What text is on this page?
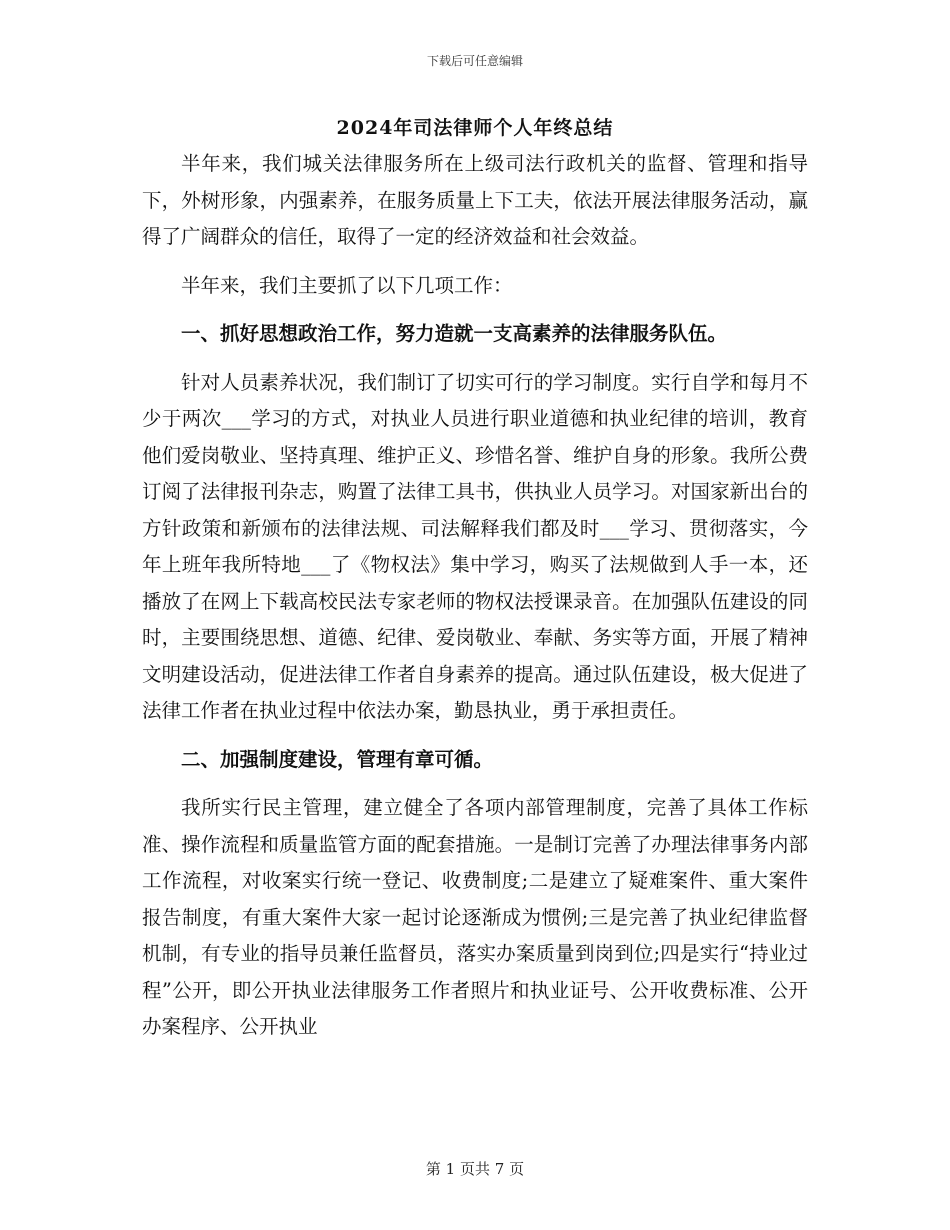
下载后可任意编辑
2024年司法律师个人年终总结

半年来，我们城关法律服务所在上级司法行政机关的监督、管理和指导下，外树形象，内强素养，在服务质量上下工夫，依法开展法律服务活动，赢得了广阔群众的信任，取得了一定的经济效益和社会效益。

半年来，我们主要抓了以下几项工作：

一、抓好思想政治工作，努力造就一支高素养的法律服务队伍。

针对人员素养状况，我们制订了切实可行的学习制度。实行自学和每月不少于两次___学习的方式，对执业人员进行职业道德和执业纪律的培训，教育他们爱岗敬业、坚持真理、维护正义、珍惜名誉、维护自身的形象。我所公费订阅了法律报刊杂志，购置了法律工具书，供执业人员学习。对国家新出台的方针政策和新颁布的法律法规、司法解释我们都及时___学习、贯彻落实，今年上班年我所特地___了《物权法》集中学习，购买了法规做到人手一本，还播放了在网上下载高校民法专家老师的物权法授课录音。在加强队伍建设的同时，主要围绕思想、道德、纪律、爱岗敬业、奉献、务实等方面，开展了精神文明建设活动，促进法律工作者自身素养的提高。通过队伍建设，极大促进了法律工作者在执业过程中依法办案，勤恳执业，勇于承担责任。

二、加强制度建设，管理有章可循。

我所实行民主管理，建立健全了各项内部管理制度，完善了具体工作标准、操作流程和质量监管方面的配套措施。一是制订完善了办理法律事务内部工作流程，对收案实行统一登记、收费制度;二是建立了疑难案件、重大案件报告制度，有重大案件大家一起讨论逐渐成为惯例;三是完善了执业纪律监督机制，有专业的指导员兼任监督员，落实办案质量到岗到位;四是实行“持业过程”公开，即公开执业法律服务工作者照片和执业证号、公开收费标准、公开办案程序、公开执业

第 1 页共 7 页
